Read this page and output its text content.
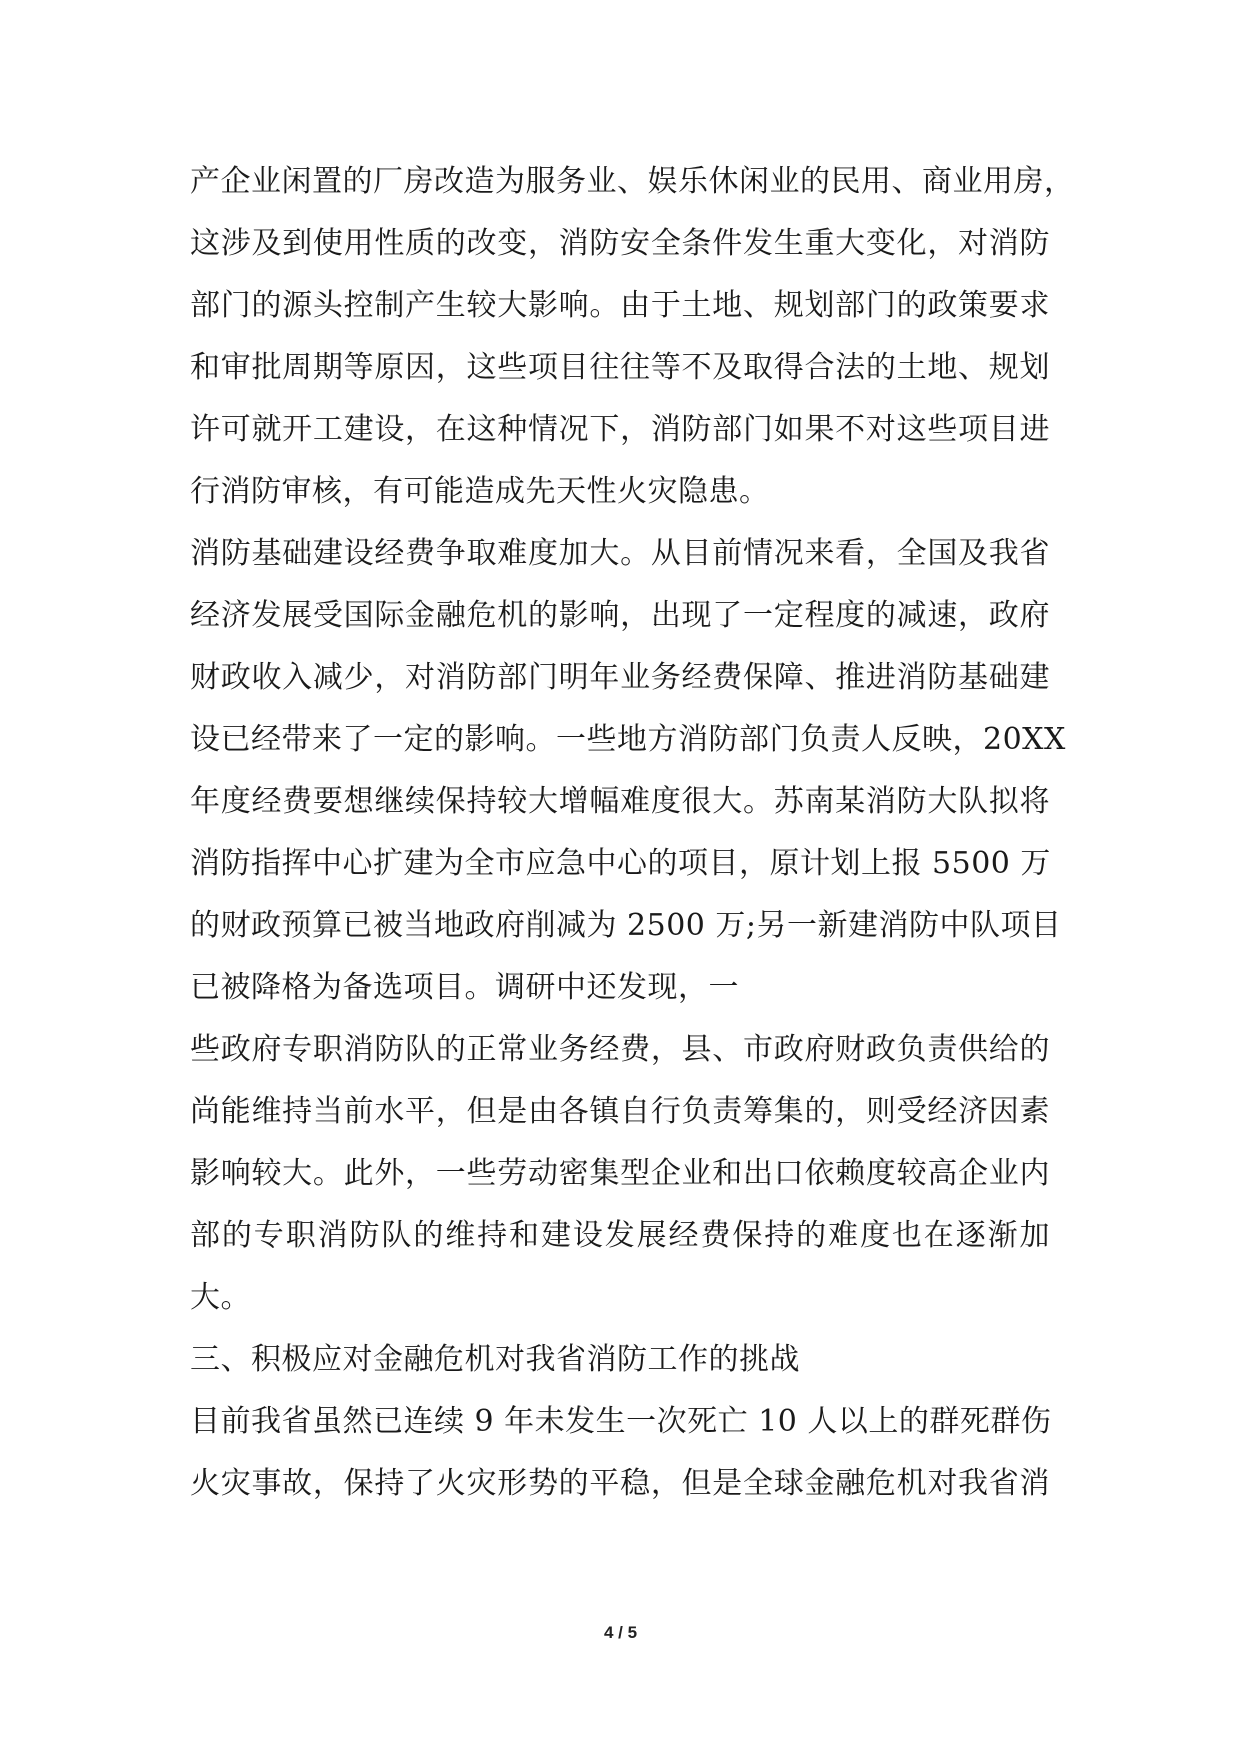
产企业闲置的厂房改造为服务业、娱乐休闲业的民用、商业用房，
这涉及到使用性质的改变，消防安全条件发生重大变化，对消防
部门的源头控制产生较大影响。由于土地、规划部门的政策要求
和审批周期等原因，这些项目往往等不及取得合法的土地、规划
许可就开工建设，在这种情况下，消防部门如果不对这些项目进
行消防审核，有可能造成先天性火灾隐患。
消防基础建设经费争取难度加大。从目前情况来看，全国及我省
经济发展受国际金融危机的影响，出现了一定程度的减速，政府
财政收入减少，对消防部门明年业务经费保障、推进消防基础建
设已经带来了一定的影响。一些地方消防部门负责人反映，20XX
年度经费要想继续保持较大增幅难度很大。苏南某消防大队拟将
消防指挥中心扩建为全市应急中心的项目，原计划上报 5500 万
的财政预算已被当地政府削减为 2500 万;另一新建消防中队项目
已被降格为备选项目。调研中还发现，一
些政府专职消防队的正常业务经费，县、市政府财政负责供给的
尚能维持当前水平，但是由各镇自行负责筹集的，则受经济因素
影响较大。此外，一些劳动密集型企业和出口依赖度较高企业内
部的专职消防队的维持和建设发展经费保持的难度也在逐渐加
大。
三、积极应对金融危机对我省消防工作的挑战
目前我省虽然已连续 9 年未发生一次死亡 10 人以上的群死群伤
火灾事故，保持了火灾形势的平稳，但是全球金融危机对我省消
4 / 5
